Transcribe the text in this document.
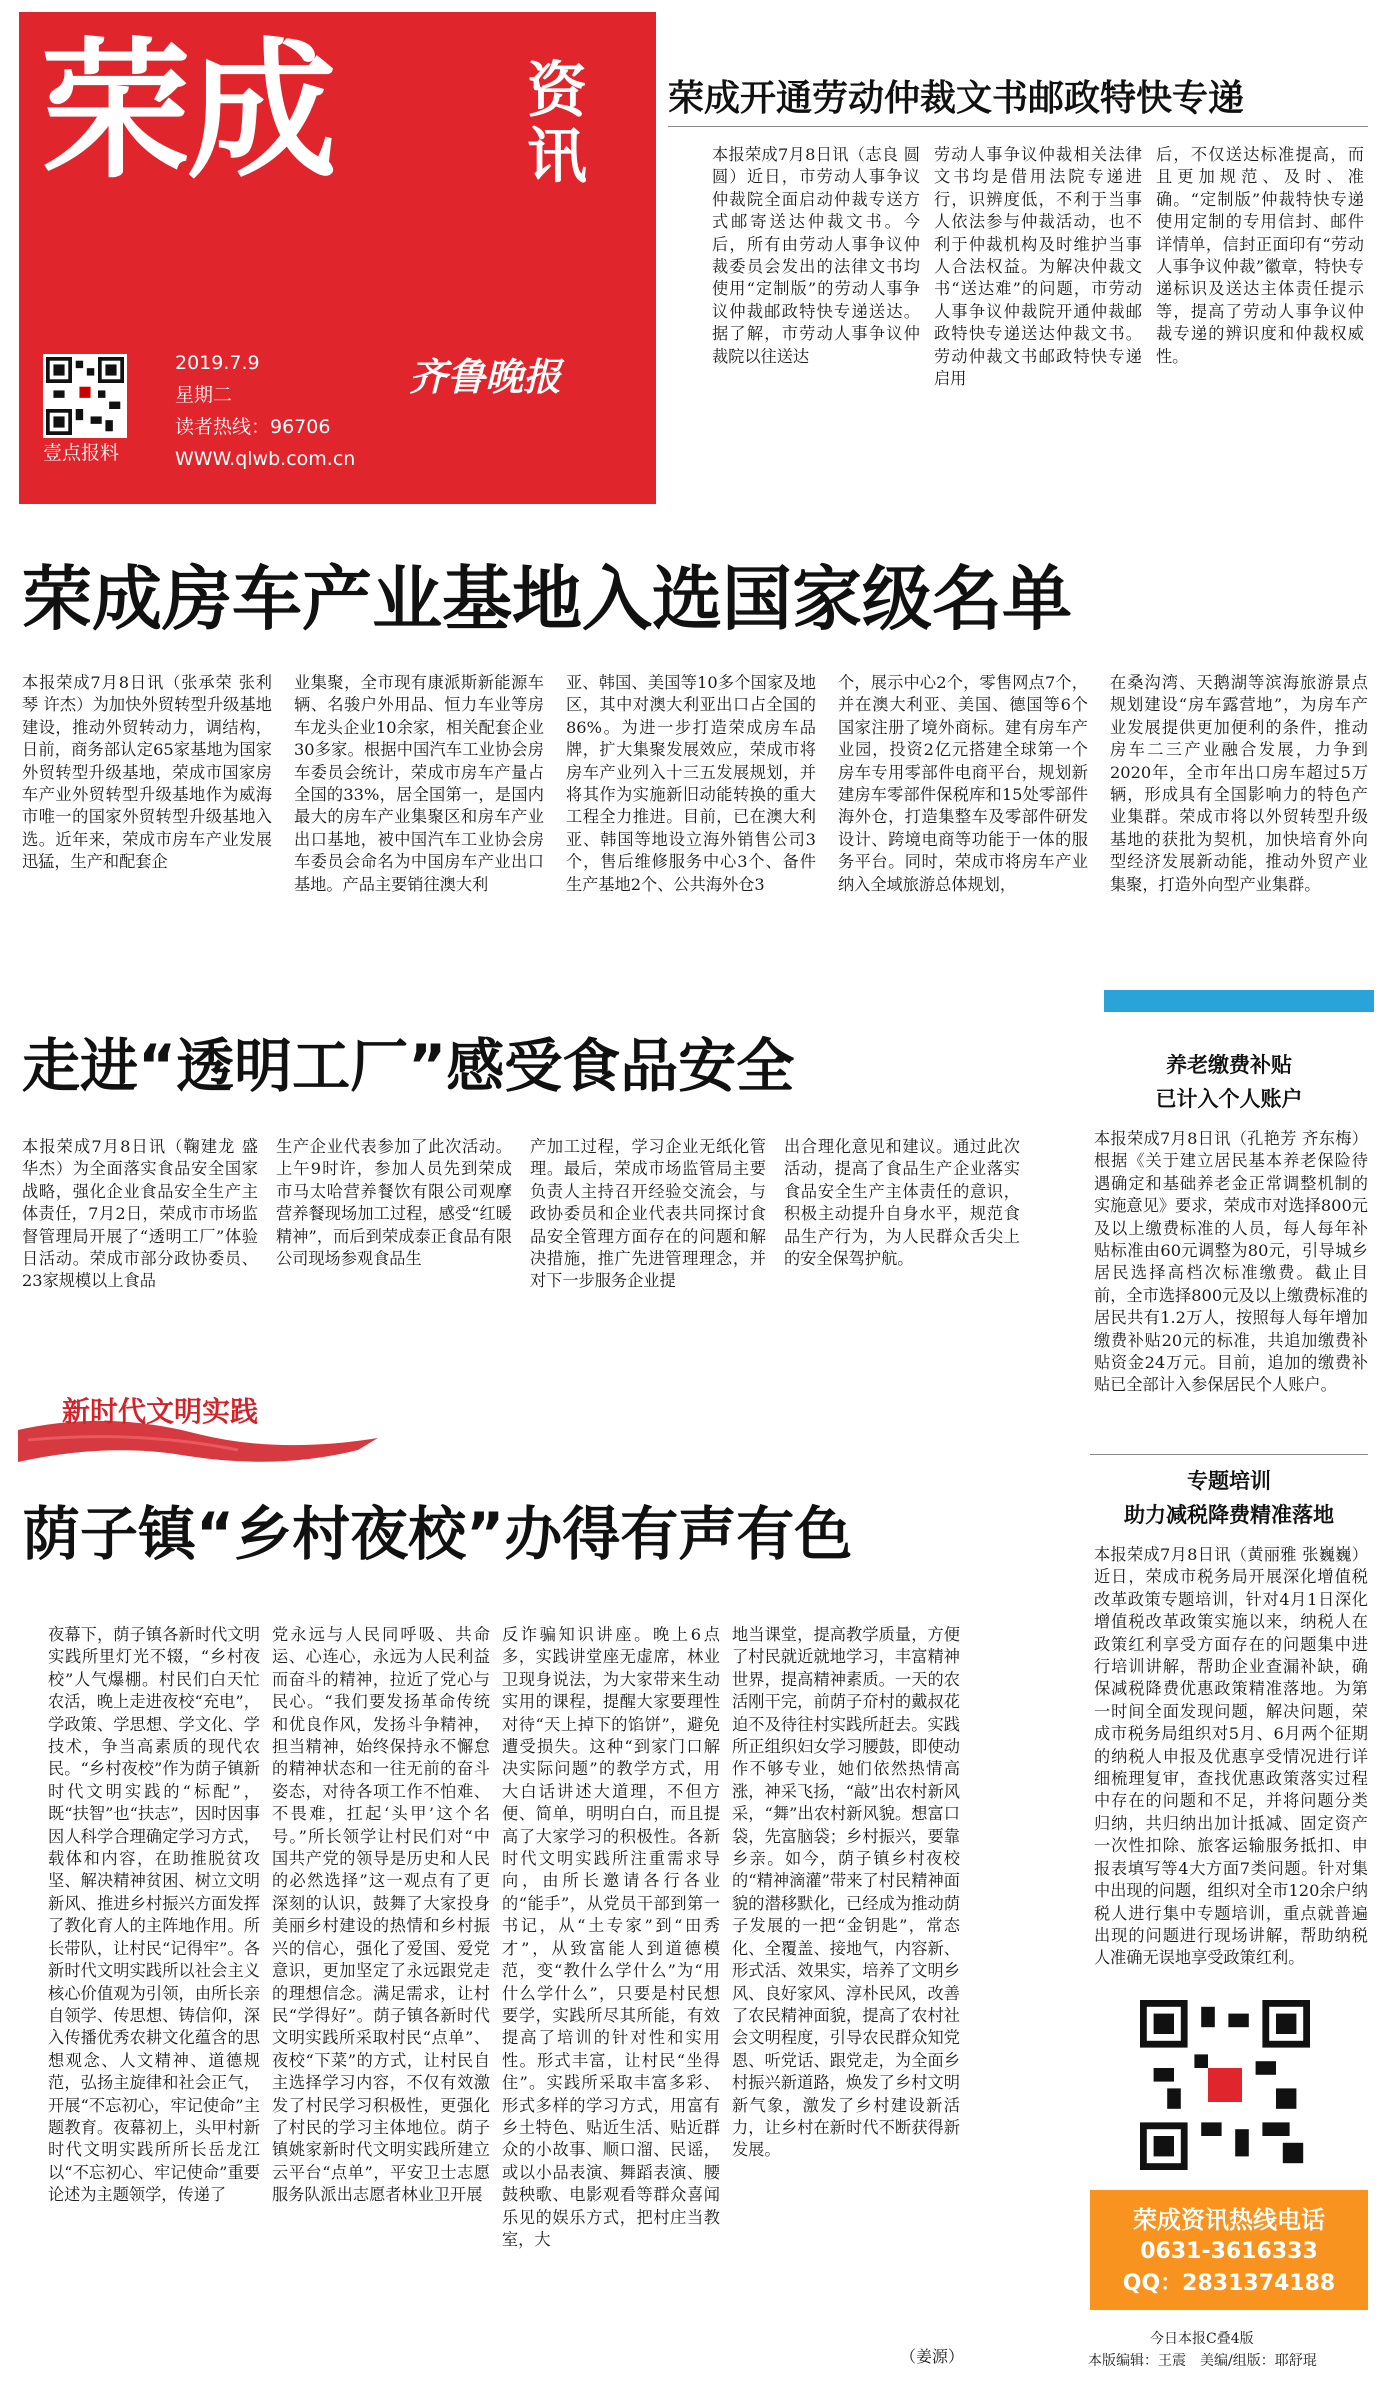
荣成	资讯
壹点报料
2019.7.9
星期二
读者热线：96706
WWW.qlwb.com.cn
齐鲁晚报
荣成开通劳动仲裁文书邮政特快专递
本报荣成7月8日讯（志良 圆圆）近日，市劳动人事争议仲裁院全面启动仲裁专送方式邮寄送达仲裁文书。今后，所有由劳动人事争议仲裁委员会发出的法律文书均使用“定制版”的劳动人事争议仲裁邮政特快专递送达。据了解，市劳动人事争议仲裁院以往送达
劳动人事争议仲裁相关法律文书均是借用法院专递进行，识辨度低，不利于当事人依法参与仲裁活动，也不利于仲裁机构及时维护当事人合法权益。为解决仲裁文书“送达难”的问题，市劳动人事争议仲裁院开通仲裁邮政特快专递送达仲裁文书。劳动仲裁文书邮政特快专递启用
后，不仅送达标准提高，而且更加规范、及时、准确。“定制版”仲裁特快专递使用定制的专用信封、邮件详情单，信封正面印有“劳动人事争议仲裁”徽章，特快专递标识及送达主体责任提示等，提高了劳动人事争议仲裁专递的辨识度和仲裁权威性。
荣成房车产业基地入选国家级名单
本报荣成7月8日讯（张承荣 张利琴 许杰）为加快外贸转型升级基地建设，推动外贸转动力，调结构，日前，商务部认定65家基地为国家外贸转型升级基地，荣成市国家房车产业外贸转型升级基地作为威海市唯一的国家外贸转型升级基地入选。近年来，荣成市房车产业发展迅猛，生产和配套企
业集聚，全市现有康派斯新能源车辆、名骏户外用品、恒力车业等房车龙头企业10余家，相关配套企业30多家。根据中国汽车工业协会房车委员会统计，荣成市房车产量占全国的33%，居全国第一，是国内最大的房车产业集聚区和房车产业出口基地，被中国汽车工业协会房车委员会命名为中国房车产业出口基地。产品主要销往澳大利
亚、韩国、美国等10多个国家及地区，其中对澳大利亚出口占全国的86%。为进一步打造荣成房车品牌，扩大集聚发展效应，荣成市将房车产业列入十三五发展规划，并将其作为实施新旧动能转换的重大工程全力推进。目前，已在澳大利亚、韩国等地设立海外销售公司3个，售后维修服务中心3个、备件生产基地2个、公共海外仓3
个，展示中心2个，零售网点7个，并在澳大利亚、美国、德国等6个国家注册了境外商标。建有房车产业园，投资2亿元搭建全球第一个房车专用零部件电商平台，规划新建房车零部件保税库和15处零部件海外仓，打造集整车及零部件研发设计、跨境电商等功能于一体的服务平台。同时，荣成市将房车产业纳入全域旅游总体规划，
在桑沟湾、天鹅湖等滨海旅游景点规划建设“房车露营地”，为房车产业发展提供更加便利的条件，推动房车二三产业融合发展，力争到2020年，全市年出口房车超过5万辆，形成具有全国影响力的特色产业集群。荣成市将以外贸转型升级基地的获批为契机，加快培育外向型经济发展新动能，推动外贸产业集聚，打造外向型产业集群。
走进“透明工厂”感受食品安全
本报荣成7月8日讯（鞠建龙 盛华杰）为全面落实食品安全国家战略，强化企业食品安全生产主体责任，7月2日，荣成市市场监督管理局开展了“透明工厂”体验日活动。荣成市部分政协委员、23家规模以上食品
生产企业代表参加了此次活动。上午9时许，参加人员先到荣成市马太哈营养餐饮有限公司观摩营养餐现场加工过程，感受“红暖精神”，而后到荣成泰正食品有限公司现场参观食品生
产加工过程，学习企业无纸化管理。最后，荣成市场监管局主要负责人主持召开经验交流会，与政协委员和企业代表共同探讨食品安全管理方面存在的问题和解决措施，推广先进管理理念，并对下一步服务企业提
出合理化意见和建议。通过此次活动，提高了食品生产企业落实食品安全生产主体责任的意识，积极主动提升自身水平，规范食品生产行为，为人民群众舌尖上的安全保驾护航。
新时代文明实践
荫子镇“乡村夜校”办得有声有色
夜幕下，荫子镇各新时代文明实践所里灯光不辍，“乡村夜校”人气爆棚。村民们白天忙农活，晚上走进夜校“充电”，学政策、学思想、学文化、学技术，争当高素质的现代农民。“乡村夜校”作为荫子镇新时代文明实践的“标配”，既“扶智”也“扶志”，因时因事因人科学合理确定学习方式，载体和内容，在助推脱贫攻坚、解决精神贫困、树立文明新风、推进乡村振兴方面发挥了教化育人的主阵地作用。所长带队，让村民“记得牢”。各新时代文明实践所以社会主义核心价值观为引领，由所长亲自领学、传思想、铸信仰，深入传播优秀农耕文化蕴含的思想观念、人文精神、道德规范，弘扬主旋律和社会正气，开展“不忘初心，牢记使命”主题教育。夜幕初上，头甲村新时代文明实践所所长岳龙江以“不忘初心、牢记使命”重要论述为主题领学，传递了
党永远与人民同呼吸、共命运、心连心，永远为人民利益而奋斗的精神，拉近了党心与民心。“我们要发扬革命传统和优良作风，发扬斗争精神，担当精神，始终保持永不懈怠的精神状态和一往无前的奋斗姿态，对待各项工作不怕难、不畏难，扛起‘头甲’这个名号。”所长领学让村民们对“中国共产党的领导是历史和人民的必然选择”这一观点有了更深刻的认识，鼓舞了大家投身美丽乡村建设的热情和乡村振兴的信心，强化了爱国、爱党意识，更加坚定了永远跟党走的理想信念。满足需求，让村民“学得好”。荫子镇各新时代文明实践所采取村民“点单”、夜校“下菜”的方式，让村民自主选择学习内容，不仅有效激发了村民学习积极性，更强化了村民的学习主体地位。荫子镇姚家新时代文明实践所建立云平台“点单”，平安卫士志愿服务队派出志愿者林业卫开展
反诈骗知识讲座。晚上6点多，实践讲堂座无虚席，林业卫现身说法，为大家带来生动实用的课程，提醒大家要理性对待“天上掉下的馅饼”，避免遭受损失。这种“到家门口解决实际问题”的教学方式，用大白话讲述大道理，不但方便、简单，明明白白，而且提高了大家学习的积极性。各新时代文明实践所注重需求导向，由所长邀请各行各业的“能手”，从党员干部到第一书记，从“土专家”到“田秀才”，从致富能人到道德模范，变“教什么学什么”为“用什么学什么”，只要是村民想要学，实践所尽其所能，有效提高了培训的针对性和实用性。形式丰富，让村民“坐得住”。实践所采取丰富多彩、形式多样的学习方式，用富有乡土特色、贴近生活、贴近群众的小故事、顺口溜、民谣，或以小品表演、舞蹈表演、腰鼓秧歌、电影观看等群众喜闻乐见的娱乐方式，把村庄当教室，大
地当课堂，提高教学质量，方便了村民就近就地学习，丰富精神世界，提高精神素质。一天的农活刚干完，前荫子夼村的戴叔花迫不及待往村实践所赶去。实践所正组织妇女学习腰鼓，即使动作不够专业，她们依然热情高涨，神采飞扬，“敲”出农村新风采，“舞”出农村新风貌。想富口袋，先富脑袋；乡村振兴，要靠乡亲。如今，荫子镇乡村夜校的“精神滴灌”带来了村民精神面貌的潜移默化，已经成为推动荫子发展的一把“金钥匙”，常态化、全覆盖、接地气，内容新、形式活、效果实，培养了文明乡风、良好家风、淳朴民风，改善了农民精神面貌，提高了农村社会文明程度，引导农民群众知党恩、听党话、跟党走，为全面乡村振兴新道路，焕发了乡村文明新气象，激发了乡村建设新活力，让乡村在新时代不断获得新发展。
（姜源）
养老缴费补贴
已计入个人账户
本报荣成7月8日讯（孔艳芳 齐东梅）根据《关于建立居民基本养老保险待遇确定和基础养老金正常调整机制的实施意见》要求，荣成市对选择800元及以上缴费标准的人员，每人每年补贴标准由60元调整为80元，引导城乡居民选择高档次标准缴费。截止目前，全市选择800元及以上缴费标准的居民共有1.2万人，按照每人每年增加缴费补贴20元的标准，共追加缴费补贴资金24万元。目前，追加的缴费补贴已全部计入参保居民个人账户。
专题培训
助力减税降费精准落地
本报荣成7月8日讯（黄丽雅 张巍巍）近日，荣成市税务局开展深化增值税改革政策专题培训，针对4月1日深化增值税改革政策实施以来，纳税人在政策红利享受方面存在的问题集中进行培训讲解，帮助企业查漏补缺，确保减税降费优惠政策精准落地。为第一时间全面发现问题，解决问题，荣成市税务局组织对5月、6月两个征期的纳税人申报及优惠享受情况进行详细梳理复审，查找优惠政策落实过程中存在的问题和不足，并将问题分类归纳，共归纳出加计抵减、固定资产一次性扣除、旅客运输服务抵扣、申报表填写等4大方面7类问题。针对集中出现的问题，组织对全市120余户纳税人进行集中专题培训，重点就普遍出现的问题进行现场讲解，帮助纳税人准确无误地享受政策红利。
荣成资讯热线电话
0631-3616333
QQ：2831374188
今日本报C叠4版
本版编辑：王震　美编/组版：耶舒琨
